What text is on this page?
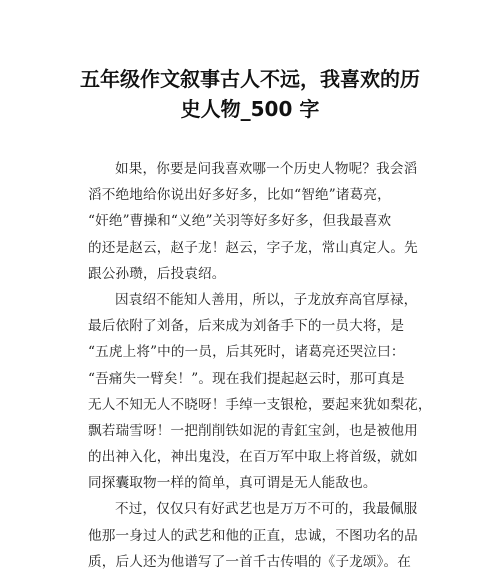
五年级作文叙事古人不远，我喜欢的历
史人物_500 字
如果，你要是问我喜欢哪一个历史人物呢？我会滔
滔不绝地给你说出好多好多，比如“智绝”诸葛亮，
“奸绝”曹操和“义绝”关羽等好多好多，但我最喜欢
的还是赵云，赵子龙！赵云，字子龙，常山真定人。先
跟公孙瓒，后投袁绍。
因袁绍不能知人善用，所以，子龙放弃高官厚禄，
最后依附了刘备，后来成为刘备手下的一员大将，是
“五虎上将”中的一员，后其死时，诸葛亮还哭泣曰：
“吾痛失一臂矣！”。现在我们提起赵云时，那可真是
无人不知无人不晓呀！手绰一支银枪，要起来犹如梨花，
飘若瑞雪呀！一把削削铁如泥的青釭宝剑，也是被他用
的出神入化，神出鬼没，在百万军中取上将首级，就如
同探囊取物一样的简单，真可谓是无人能敌也。
不过，仅仅只有好武艺也是万万不可的，我最佩服
他那一身过人的武艺和他的正直，忠诚，不图功名的品
质，后人还为他谱写了一首千古传唱的《子龙颂》。在
